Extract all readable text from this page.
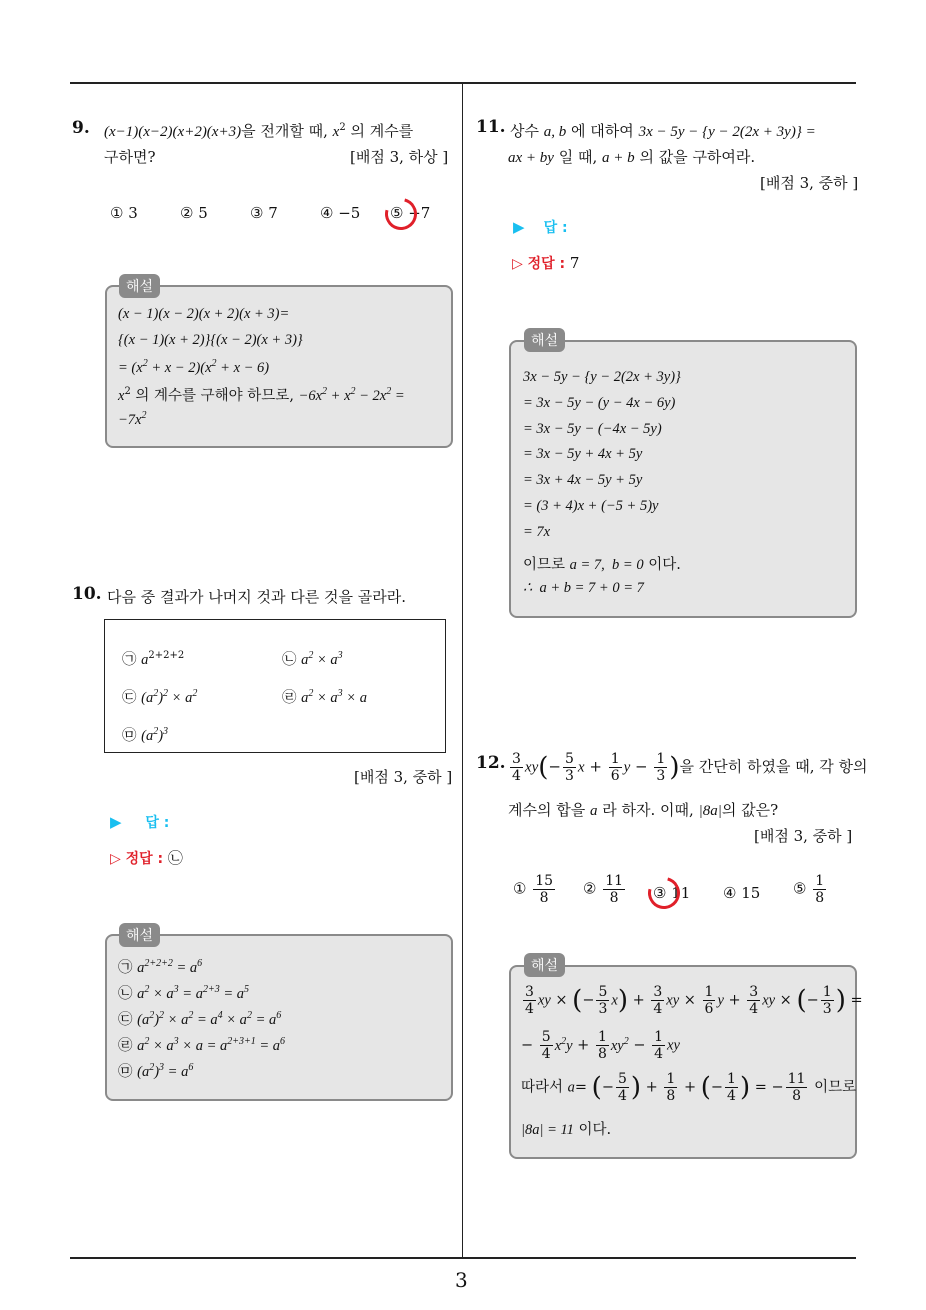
3
9. (x−1)(x−2)(x+2)(x+3)을 전개할 때, $x^2$ 의 계수를
구하면?	[배점 3, 하상 ]
① 3	② 5	③ 7	④ −5 ⑤ −7
해설
(x − 1)(x − 2)(x + 2)(x + 3)=
{(x − 1)(x + 2)}{(x − 2)(x + 3)}
= $(x^2 + x - 2)(x^2 + x - 6)$
$x^2$ 의 계수를 구해야 하므로, $-6x^2 + x^2 - 2x^2$ =
$-7x^2$
10. 다음 중 결과가 나머지 것과 다른 것을 골라라.
㉠ $a^{2+2+2}$	㉡ $a^2 \times a^3$
㉢ $(a^2)^2 \times a^2$	㉣ $a^2 \times a^3 \times a$
㉤ $(a^2)^3$
[배점 3, 중하 ]
▶ 답 :
▷ 정답 : ㉡
해설
㉠ $a^{2+2+2} = a^6$
㉡ $a^2 \times a^3 = a^{2+3} = a^5$
㉢ $(a^2)^2 \times a^2 = a^4 \times a^2 = a^6$
㉣ $a^2 \times a^3 \times a = a^{2+3+1} = a^6$
㉤ $(a^2)^3 = a^6$
11. 상수 a, b 에 대하여 3x − 5y − {y − 2(2x + 3y)} =
ax + by 일 때, a + b 의 값을 구하여라.
[배점 3, 중하 ]
▶ 답 :
▷ 정답 : 7
해설
3x − 5y − {y − 2(2x + 3y)}
= 3x − 5y − (y − 4x − 6y)
= 3x − 5y − (−4x − 5y)
= 3x − 5y + 4x + 5y
= 3x + 4x − 5y + 5y
= (3 + 4)x + (−5 + 5)y
= 7x
이므로 a = 7,  b = 0 이다.
∴  a + b = 7 + 0 = 7
12. $\frac{3}{4} xy(- \frac{5}{3}$ $x + \frac{1}{6}$ $y - \frac{1}{3}$ )을 간단히 하였을 때, 각 항의
계수의 합을 a 라 하자. 이때, |8a|의 값은?
[배점 3, 중하 ]
① $\frac{15}{8}$ ② $\frac{11}{8}$ ③ 11 ④ 15 ⑤ $\frac{1}{8}$
해설
$\frac{3}{4}$ xy × (− $\frac{5}{3} x) + \frac{3}{4}$ xy × $\frac{1}{6}$ $y + \frac{3}{4}$ xy × (− $\frac{1}{3}$ ) =
− $\frac{5}{4} x^2y + \frac{1}{8} xy^2 - \frac{1}{4}$ xy
따라서 a= (− $\frac{5}{4}$ ) + $\frac{1}{8}$ + (− $\frac{1}{4}$ ) = − $\frac{11}{8}$ 이므로
|8a| = 11 이다.
